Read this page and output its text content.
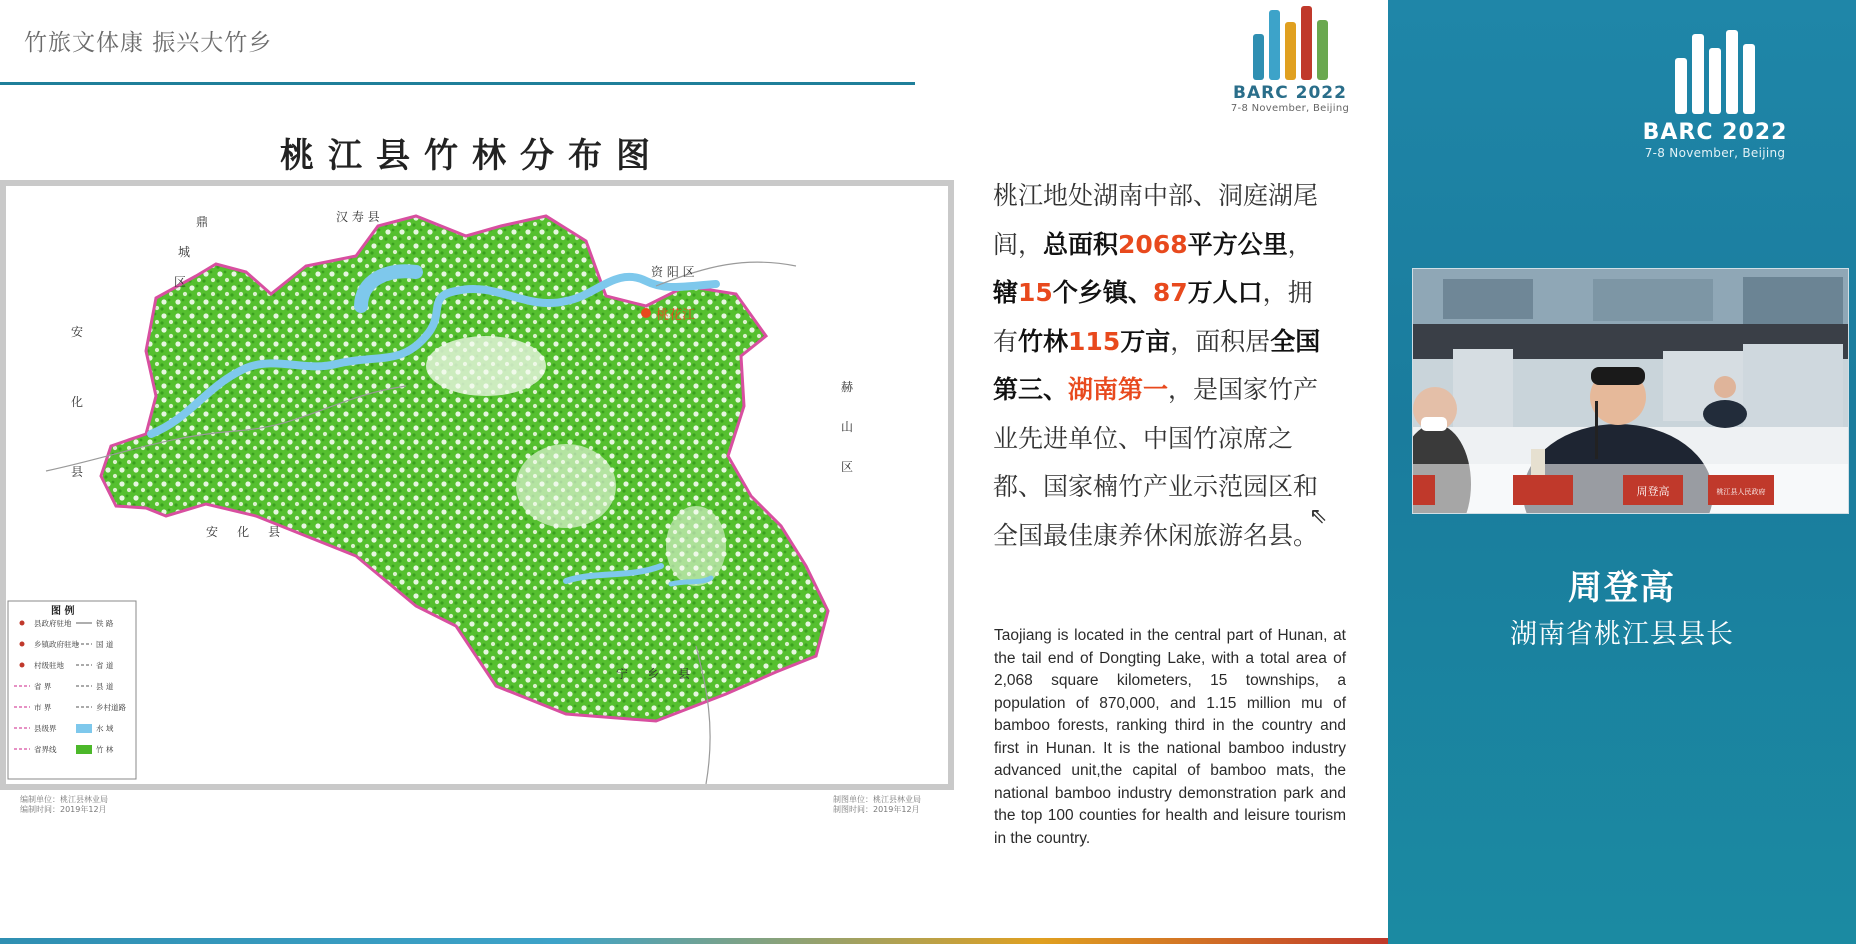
竹旅文体康 振兴大竹乡
BARC 2022
7-8 November, Beijing
桃江县竹林分布图
桃花江
汉 寿 县
鼎
城
区
资 阳 区
赫
山
区
安
化
县
安     化     县
宁     乡     县
图 例
县政府驻地
乡镇政府驻地
村级驻地
省 界
市 界
县级界
省界线
铁 路
国 道
省 道
县 道
乡村道路
水 域
竹 林
编制单位：桃江县林业局
编制时间：2019年12月
制图单位：桃江县林业局
制图时间：2019年12月
桃江地处湖南中部、洞庭湖尾闾，总面积2068平方公里，辖15个乡镇、87万人口，拥有竹林115万亩，面积居全国第三、湖南第一，是国家竹产业先进单位、中国竹凉席之都、国家楠竹产业示范园区和全国最佳康养休闲旅游名县。
Taojiang is located in the central part of Hunan, at the tail end of Dongting Lake, with a total area of 2,068 square kilometers, 15 townships, a population of 870,000, and 1.15 million mu of bamboo forests, ranking third in the country and first in Hunan. It is the national bamboo industry advanced unit,the capital of bamboo mats, the national bamboo industry demonstration park and the top 100 counties for health and leisure tourism in the country.
⇖
BARC 2022
7-8 November, Beijing
周登高	桃江县人民政府
周登高
湖南省桃江县县长
